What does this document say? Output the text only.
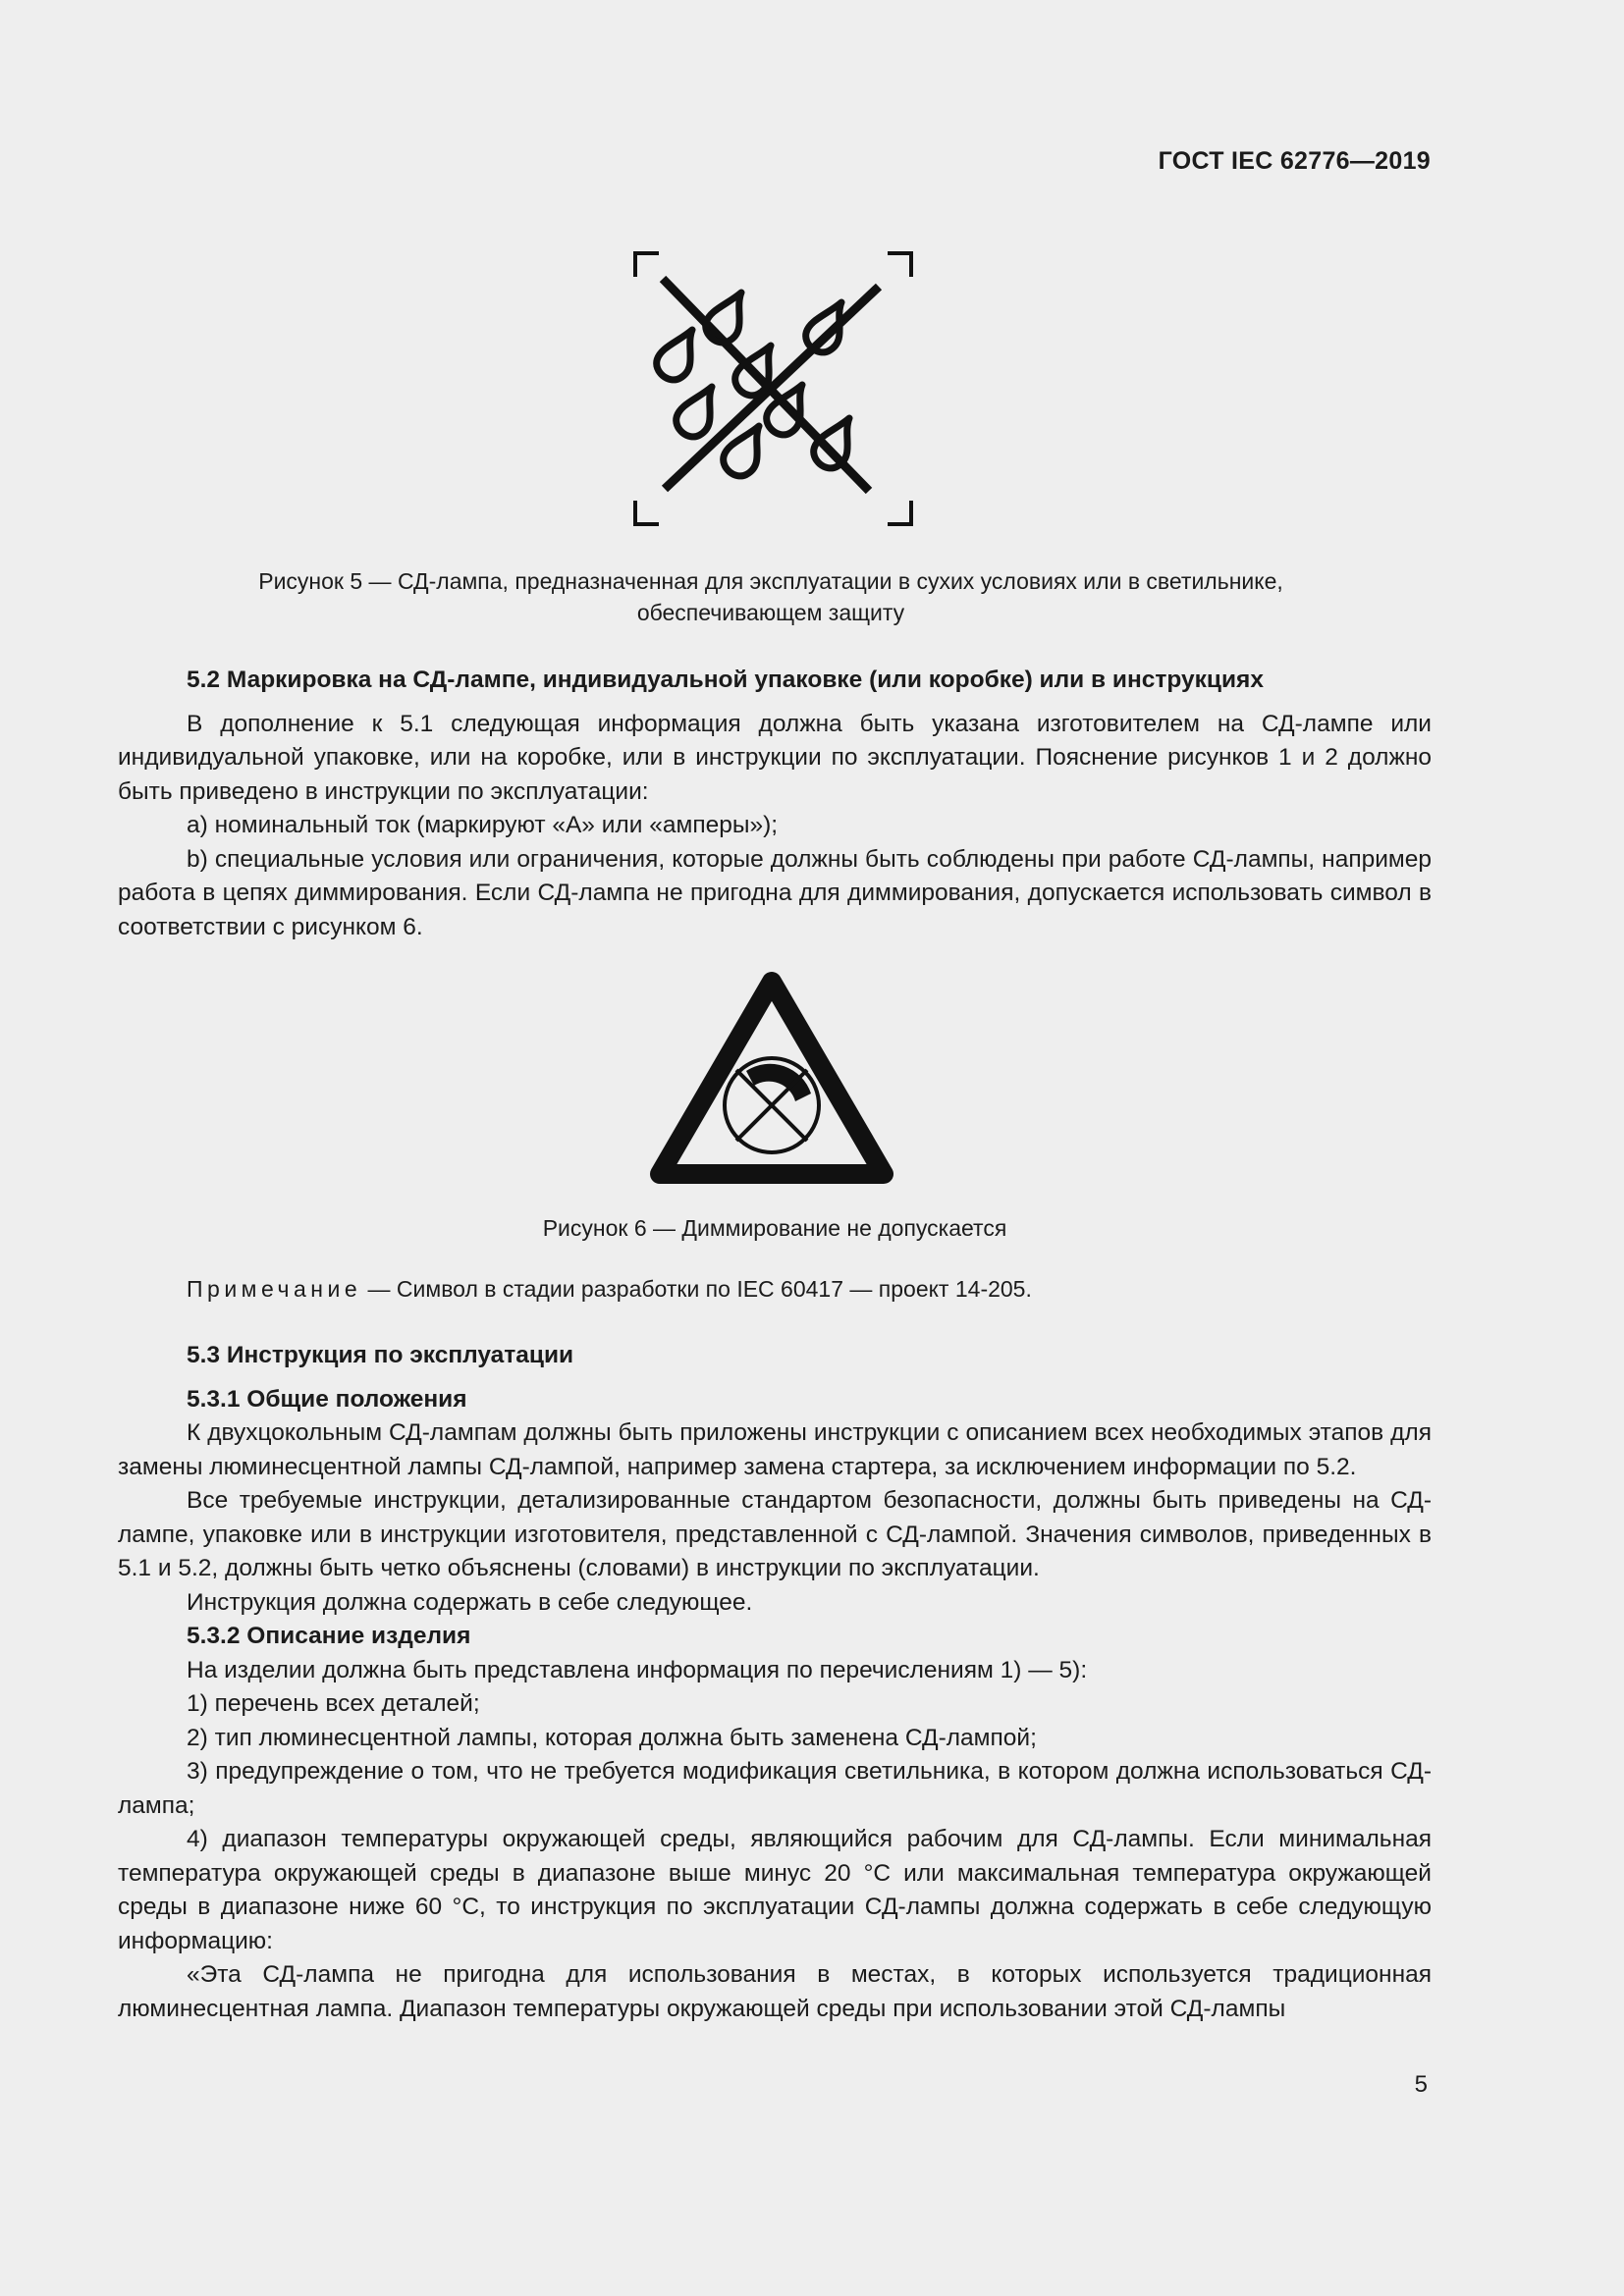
ГОСТ IEC 62776—2019
Рисунок 5 — СД-лампа, предназначенная для эксплуатации в сухих условиях или в светильнике,
обеспечивающем защиту

5.2 Маркировка на СД-лампе, индивидуальной упаковке (или коробке) или в инструкциях

В дополнение к 5.1 следующая информация должна быть указана изготовителем на СД-лампе или индивидуальной упаковке, или на коробке, или в инструкции по эксплуатации. Пояснение рисунков 1 и 2 должно быть приведено в инструкции по эксплуатации:

a) номинальный ток (маркируют «А» или «амперы»);

b) специальные условия или ограничения, которые должны быть соблюдены при работе СД-лампы, например работа в цепях диммирования. Если СД-лампа не пригодна для диммирования, допускается использовать символ в соответствии с рисунком 6.

Рисунок 6 — Диммирование не допускается
Примечание — Символ в стадии разработки по IEC 60417 — проект 14-205.

5.3 Инструкция по эксплуатации

5.3.1 Общие положения

К двухцокольным СД-лампам должны быть приложены инструкции с описанием всех необходимых этапов для замены люминесцентной лампы СД-лампой, например замена стартера, за исключением информации по 5.2.

Все требуемые инструкции, детализированные стандартом безопасности, должны быть приведены на СД-лампе, упаковке или в инструкции изготовителя, представленной с СД-лампой. Значения символов, приведенных в 5.1 и 5.2, должны быть четко объяснены (словами) в инструкции по эксплуатации.

Инструкция должна содержать в себе следующее.

5.3.2 Описание изделия

На изделии должна быть представлена информация по перечислениям 1) — 5):

1) перечень всех деталей;

2) тип люминесцентной лампы, которая должна быть заменена СД-лампой;

3) предупреждение о том, что не требуется модификация светильника, в котором должна использоваться СД-лампа;

4) диапазон температуры окружающей среды, являющийся рабочим для СД-лампы. Если минимальная температура окружающей среды в диапазоне выше минус 20 °С или максимальная температура окружающей среды в диапазоне ниже 60 °С, то инструкция по эксплуатации СД-лампы должна содержать в себе следующую информацию:

«Эта СД-лампа не пригодна для использования в местах, в которых используется традиционная люминесцентная лампа. Диапазон температуры окружающей среды при использовании этой СД-лампы

5
